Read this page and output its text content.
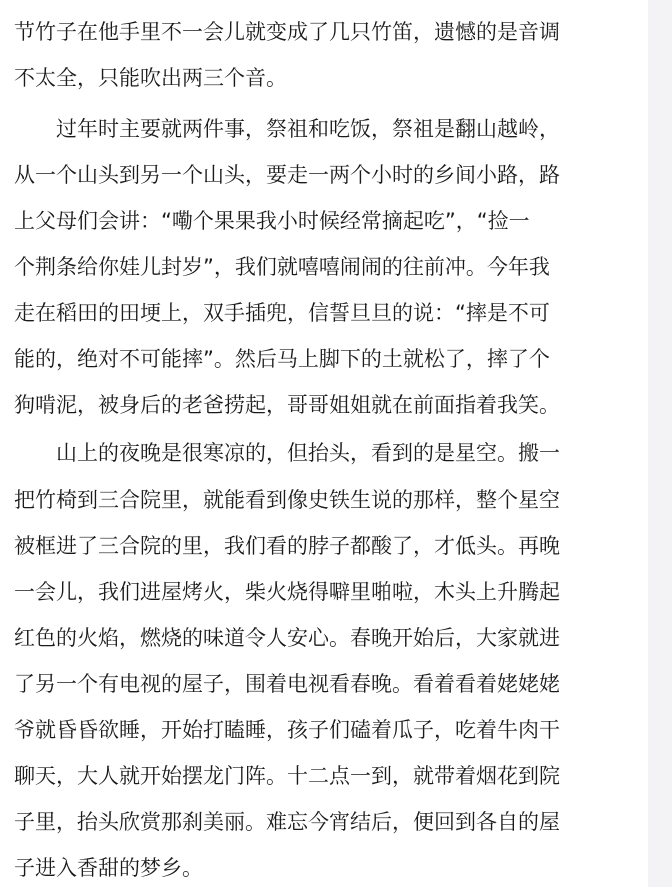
节竹子在他手里不一会儿就变成了几只竹笛，遗憾的是音调
不太全，只能吹出两三个音。
　　过年时主要就两件事，祭祖和吃饭，祭祖是翻山越岭，
从一个山头到另一个山头，要走一两个小时的乡间小路，路
上父母们会讲：“嘞个果果我小时候经常摘起吃”，“捡一
个荆条给你娃儿封岁”，我们就嘻嘻闹闹的往前冲。今年我
走在稻田的田埂上，双手插兜，信誓旦旦的说：“摔是不可
能的，绝对不可能摔”。然后马上脚下的土就松了，摔了个
狗啃泥，被身后的老爸捞起，哥哥姐姐就在前面指着我笑。
　　山上的夜晚是很寒凉的，但抬头，看到的是星空。搬一
把竹椅到三合院里，就能看到像史铁生说的那样，整个星空
被框进了三合院的里，我们看的脖子都酸了，才低头。再晚
一会儿，我们进屋烤火，柴火烧得噼里啪啦，木头上升腾起
红色的火焰，燃烧的味道令人安心。春晚开始后，大家就进
了另一个有电视的屋子，围着电视看春晚。看着看着姥姥姥
爷就昏昏欲睡，开始打瞌睡，孩子们磕着瓜子，吃着牛肉干
聊天，大人就开始摆龙门阵。十二点一到，就带着烟花到院
子里，抬头欣赏那刹美丽。难忘今宵结后，便回到各自的屋
子进入香甜的梦乡。
